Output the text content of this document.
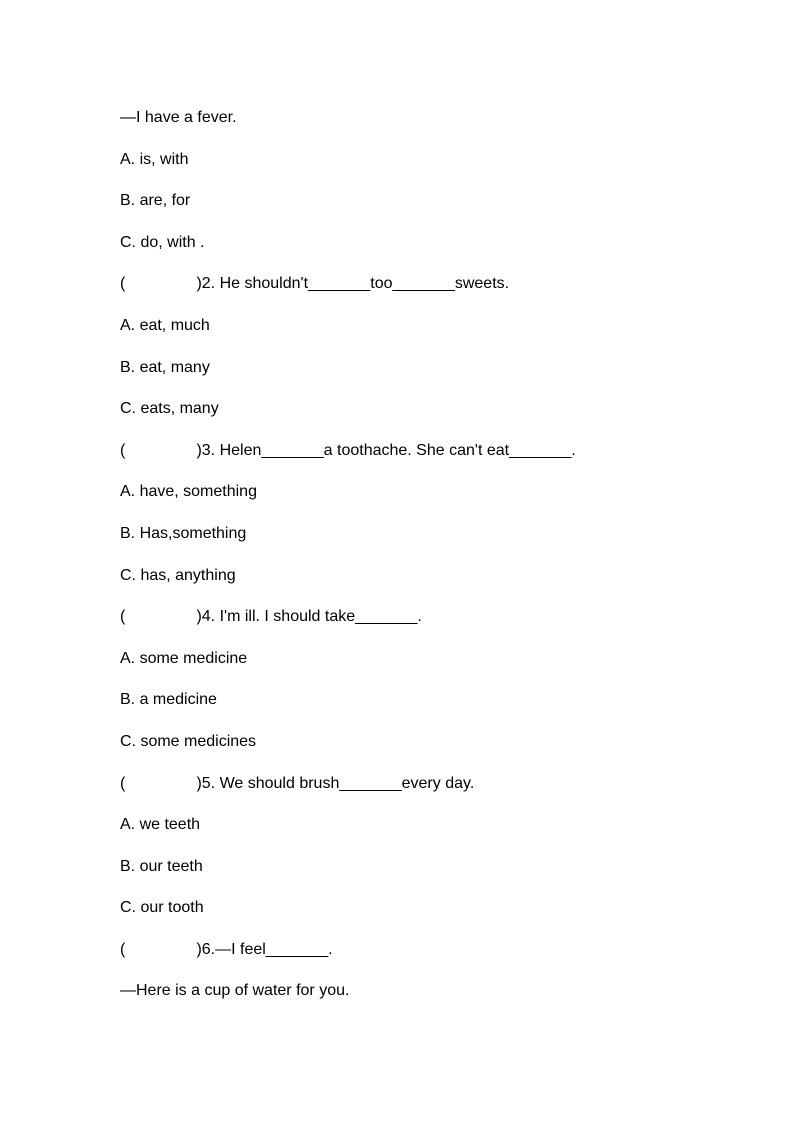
—I have a fever.
A. is, with
B. are, for
C. do, with .
(                )2. He shouldn't_______too_______sweets.
A. eat, much
B. eat, many
C. eats, many
(                )3. Helen_______a toothache. She can't eat_______.
A. have, something
B. Has,something
C. has, anything
(                )4. I'm ill. I should take_______.
A. some medicine
B. a medicine
C. some medicines
(                )5. We should brush_______every day.
A. we teeth
B. our teeth
C. our tooth
(                )6.—I feel_______.
—Here is a cup of water for you.
